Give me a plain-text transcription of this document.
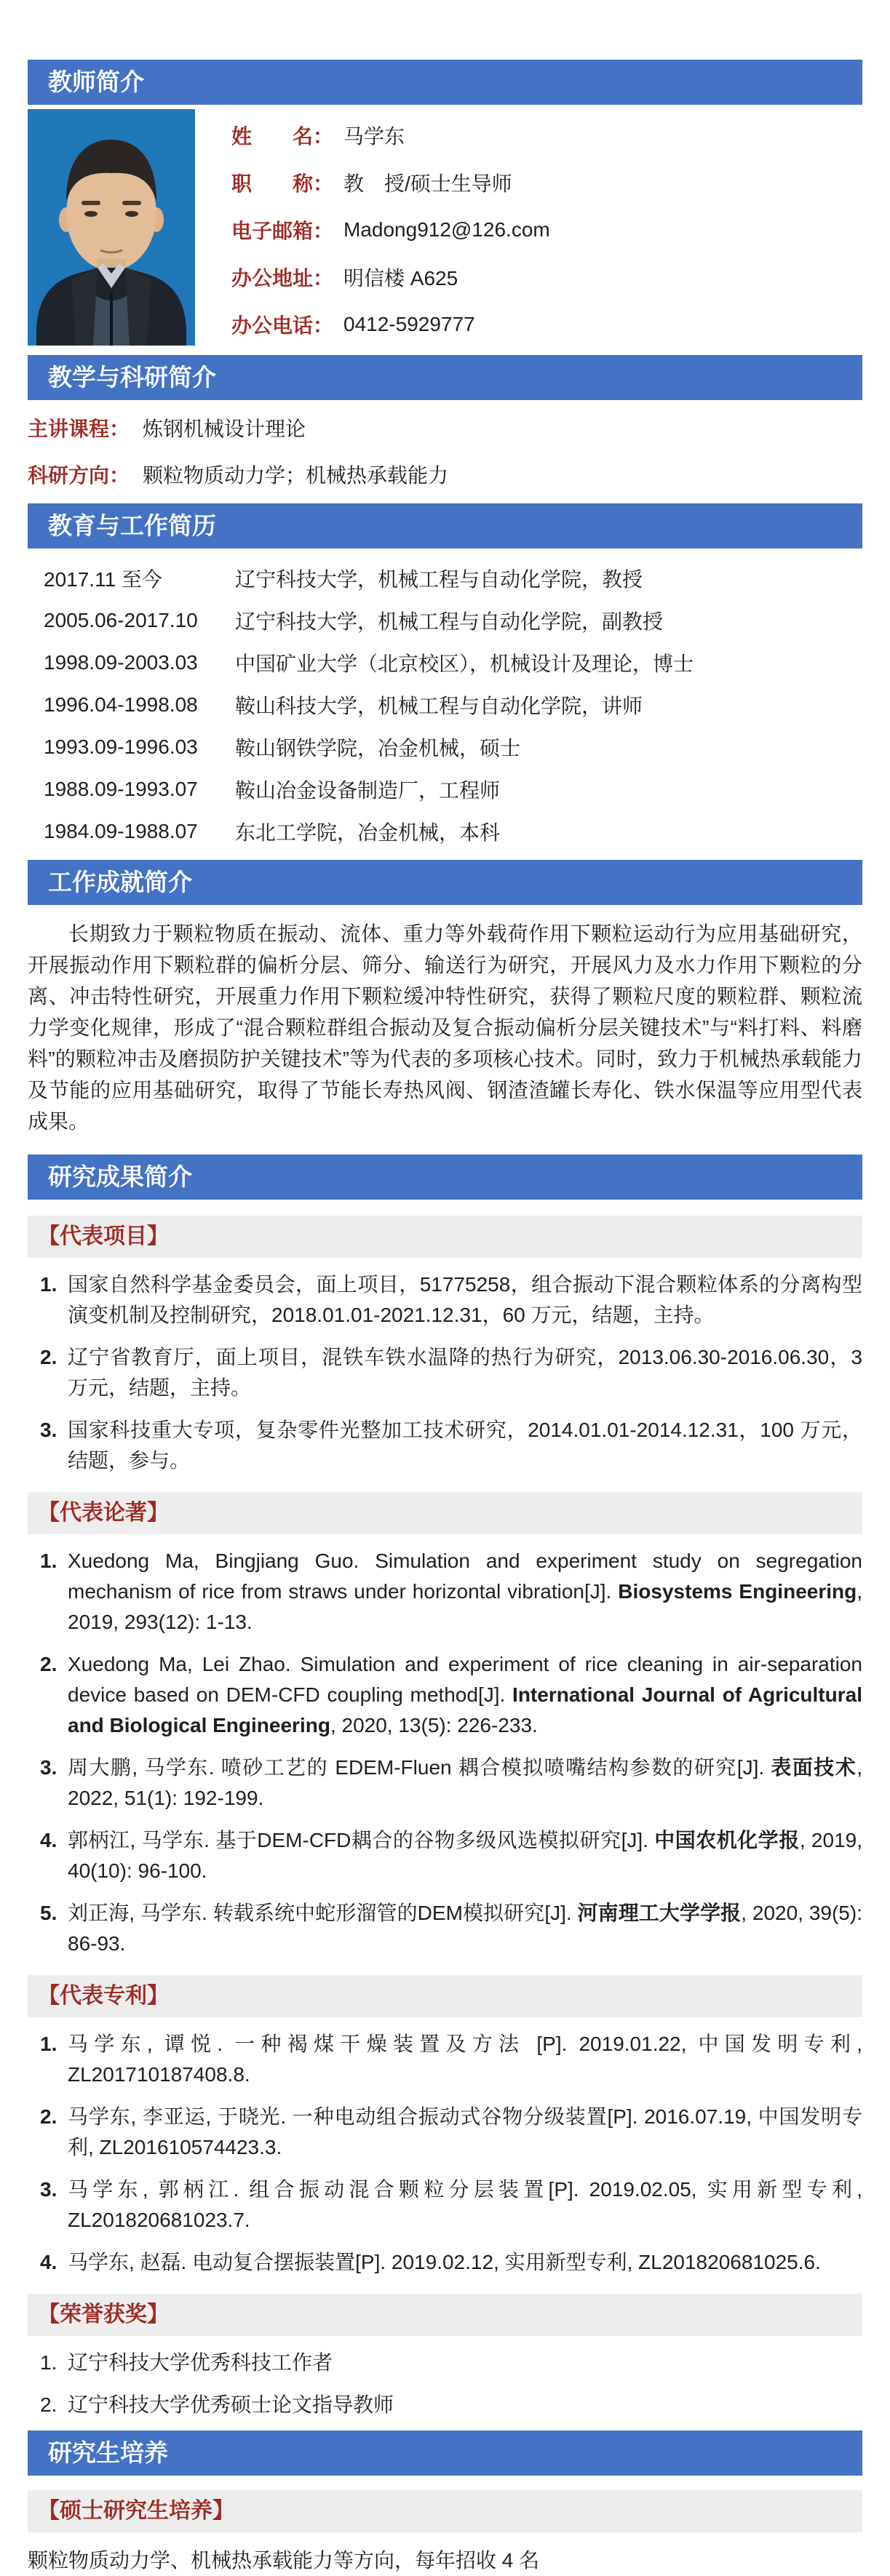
教师简介
姓　　名： 马学东
职　　称： 教　授/硕士生导师
电子邮箱： Madong912@126.com
办公地址： 明信楼 A625
办公电话： 0412-5929777
教学与科研简介
主讲课程： 炼钢机械设计理论
科研方向： 颗粒物质动力学；机械热承载能力
教育与工作简历
2017.11 至今	辽宁科技大学，机械工程与自动化学院，教授
2005.06-2017.10	辽宁科技大学，机械工程与自动化学院，副教授
1998.09-2003.03	中国矿业大学（北京校区），机械设计及理论，博士
1996.04-1998.08	鞍山科技大学，机械工程与自动化学院，讲师
1993.09-1996.03	鞍山钢铁学院，冶金机械，硕士
1988.09-1993.07	鞍山冶金设备制造厂，工程师
1984.09-1988.07	东北工学院，冶金机械，本科
工作成就简介
长期致力于颗粒物质在振动、流体、重力等外载荷作用下颗粒运动行为应用基础研究，开展振动作用下颗粒群的偏析分层、筛分、输送行为研究，开展风力及水力作用下颗粒的分离、冲击特性研究，开展重力作用下颗粒缓冲特性研究，获得了颗粒尺度的颗粒群、颗粒流力学变化规律，形成了“混合颗粒群组合振动及复合振动偏析分层关键技术”与“料打料、料磨料”的颗粒冲击及磨损防护关键技术”等为代表的多项核心技术。同时，致力于机械热承载能力及节能的应用基础研究，取得了节能长寿热风阀、钢渣渣罐长寿化、铁水保温等应用型代表成果。
研究成果简介
【代表项目】
1. 国家自然科学基金委员会，面上项目，51775258，组合振动下混合颗粒体系的分离构型演变机制及控制研究，2018.01.01-2021.12.31，60 万元，结题，主持。
2. 辽宁省教育厅，面上项目，混铁车铁水温降的热行为研究，2013.06.30-2016.06.30，3 万元，结题，主持。
3. 国家科技重大专项，复杂零件光整加工技术研究，2014.01.01-2014.12.31，100 万元，结题，参与。
【代表论著】
1. Xuedong Ma, Bingjiang Guo. Simulation and experiment study on segregation mechanism of rice from straws under horizontal vibration[J]. Biosystems Engineering, 2019, 293(12): 1-13.
2. Xuedong Ma, Lei Zhao. Simulation and experiment of rice cleaning in air-separation device based on DEM-CFD coupling method[J]. International Journal of Agricultural and Biological Engineering, 2020, 13(5): 226-233.
3. 周大鹏, 马学东. 喷砂工艺的 EDEM-Fluen 耦合模拟喷嘴结构参数的研究[J]. 表面技术, 2022, 51(1): 192-199.
4. 郭柄江, 马学东. 基于DEM-CFD耦合的谷物多级风选模拟研究[J]. 中国农机化学报, 2019, 40(10): 96-100.
5. 刘正海, 马学东. 转载系统中蛇形溜管的DEM模拟研究[J]. 河南理工大学学报, 2020, 39(5): 86-93.
【代表专利】
1. 马学东, 谭悦. 一种褐煤干燥装置及方法 [P]. 2019.01.22, 中国发明专利, ZL201710187408.8.
2. 马学东, 李亚运, 于晓光. 一种电动组合振动式谷物分级装置[P]. 2016.07.19, 中国发明专利, ZL201610574423.3.
3. 马学东, 郭柄江. 组合振动混合颗粒分层装置[P]. 2019.02.05, 实用新型专利, ZL201820681023.7.
4. 马学东, 赵磊. 电动复合摆振装置[P]. 2019.02.12, 实用新型专利, ZL201820681025.6.
【荣誉获奖】
1. 辽宁科技大学优秀科技工作者
2. 辽宁科技大学优秀硕士论文指导教师
研究生培养
【硕士研究生培养】
颗粒物质动力学、机械热承载能力等方向，每年招收 4 名
